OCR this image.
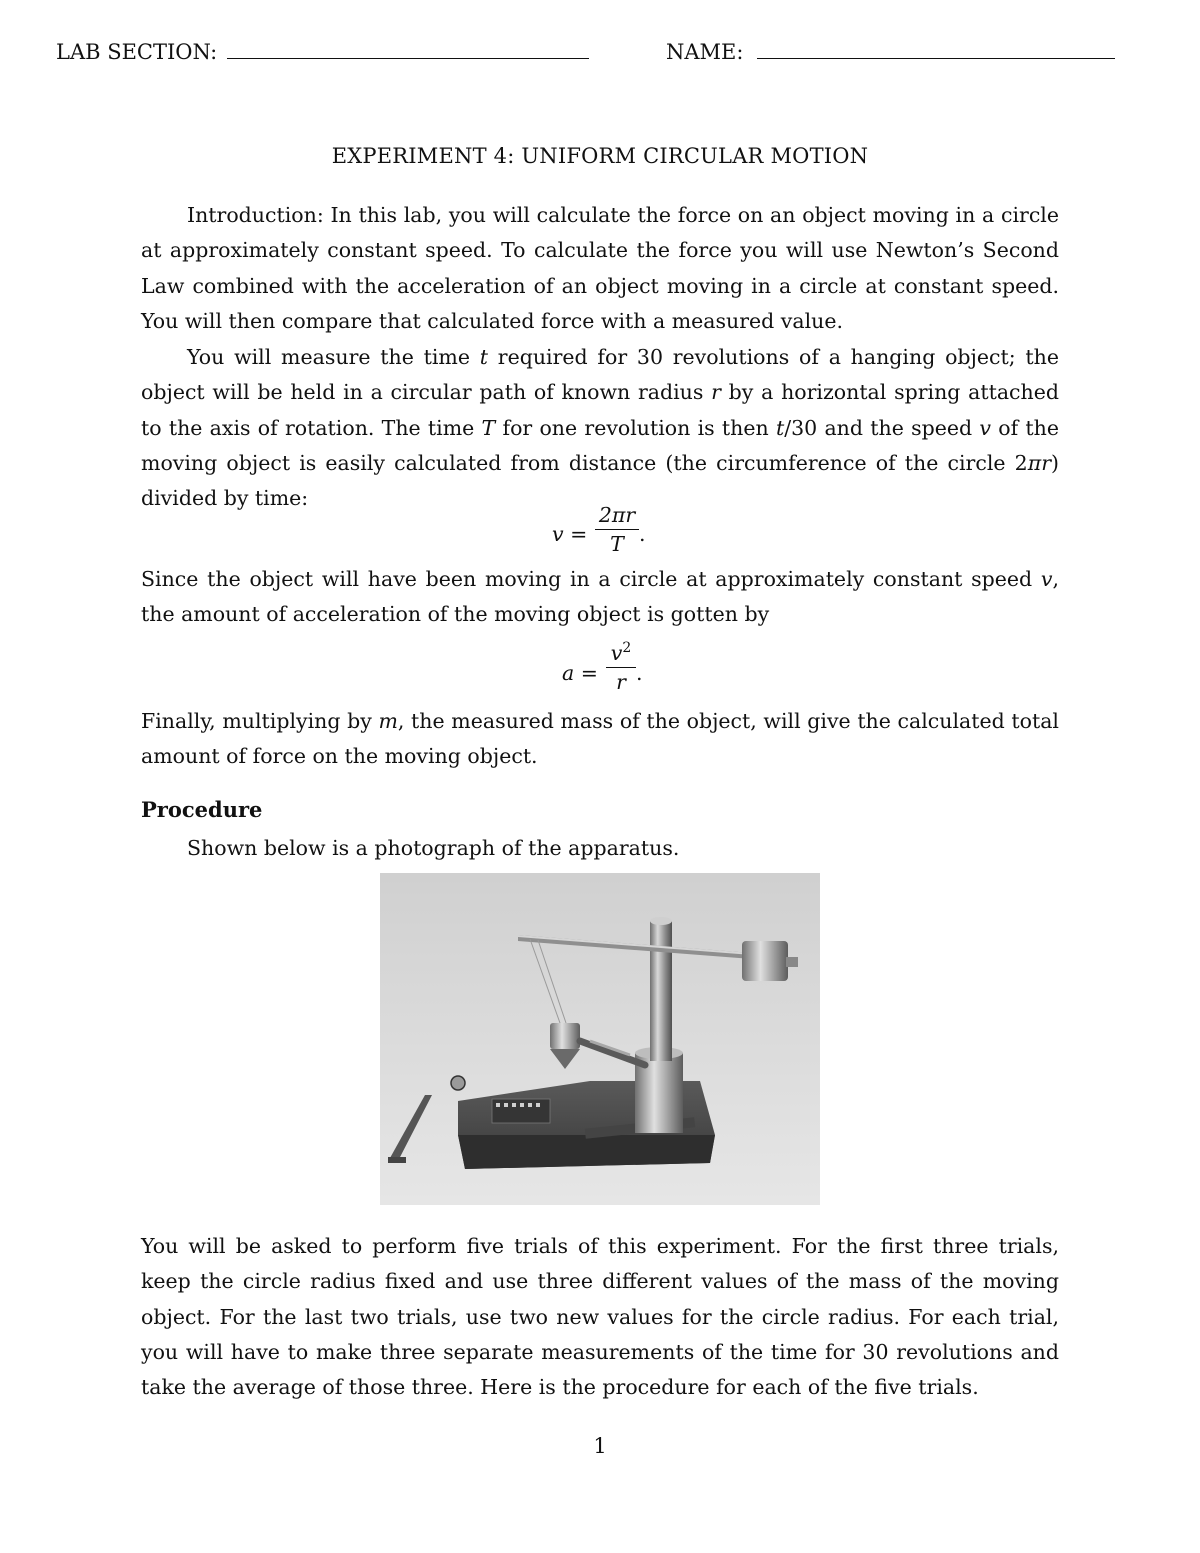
LAB SECTION:	NAME:
EXPERIMENT 4: UNIFORM CIRCULAR MOTION
Introduction: In this lab, you will calculate the force on an object moving in a circle at approximately constant speed. To calculate the force you will use Newton’s Second Law combined with the acceleration of an object moving in a circle at constant speed. You will then compare that calculated force with a measured value.
You will measure the time t required for 30 revolutions of a hanging object; the object will be held in a circular path of known radius r by a horizontal spring attached to the axis of rotation. The time T for one revolution is then t/30 and the speed v of the moving object is easily calculated from distance (the circumference of the circle 2πr) divided by time:
v =
2πr
T .
Since the object will have been moving in a circle at approximately constant speed v, the amount of acceleration of the moving object is gotten by
a =
$v^2$
r .
Finally, multiplying by m, the measured mass of the object, will give the calculated total amount of force on the moving object.
Procedure
Shown below is a photograph of the apparatus.
You will be asked to perform five trials of this experiment. For the first three trials, keep the circle radius fixed and use three different values of the mass of the moving object. For the last two trials, use two new values for the circle radius. For each trial, you will have to make three separate measurements of the time for 30 revolutions and take the average of those three. Here is the procedure for each of the five trials.
1
